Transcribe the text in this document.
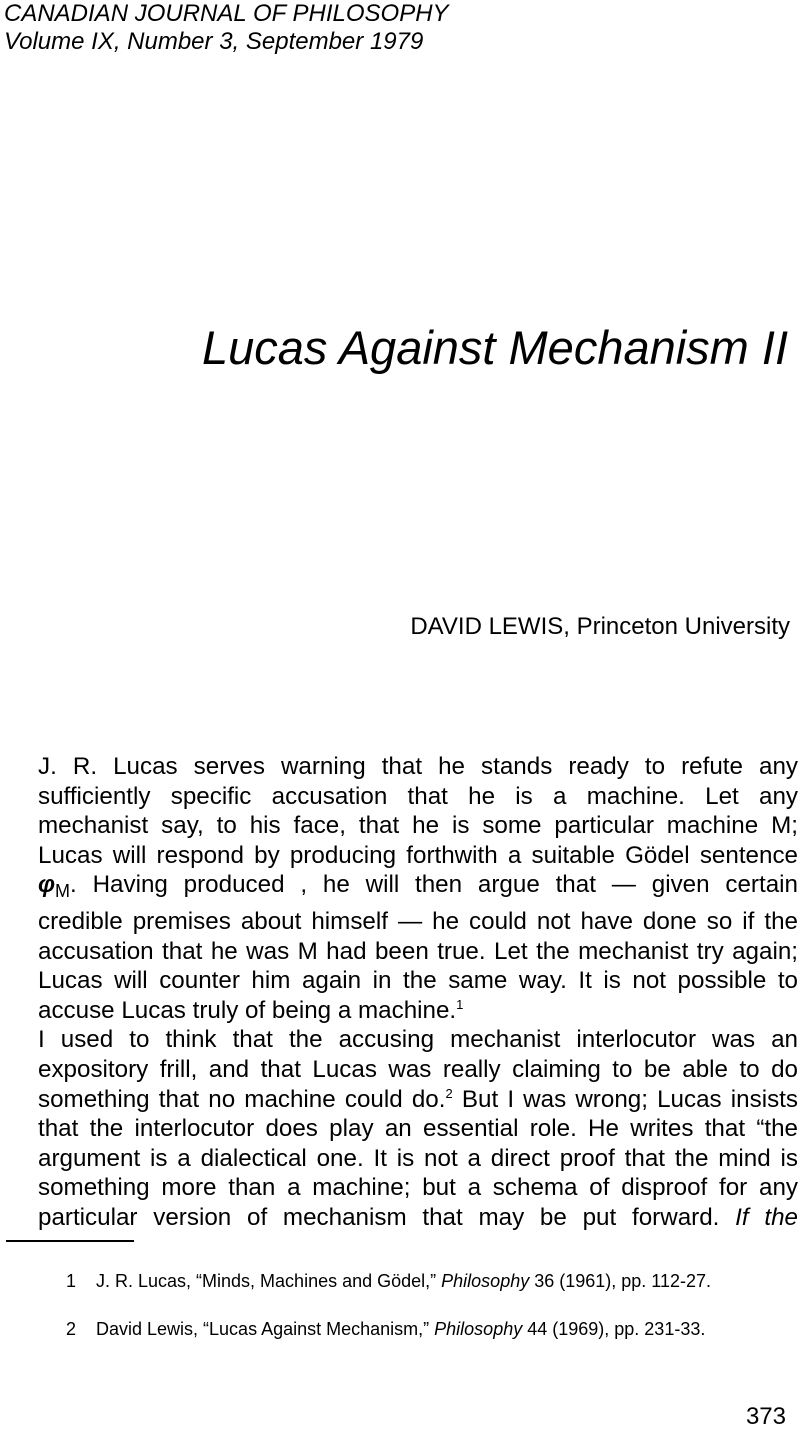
CANADIAN JOURNAL OF PHILOSOPHY
Volume IX, Number 3, September 1979
Lucas Against Mechanism II
DAVID LEWIS, Princeton University

J. R. Lucas serves warning that he stands ready to refute any
sufficiently specific accusation that he is a machine. Let any
mechanist say, to his face, that he is some particular machine M;
Lucas will respond by producing forthwith a suitable Gödel sentence
$\varphi_M$. Having produced , he will then argue that — given certain
credible premises about himself — he could not have done so if the
accusation that he was M had been true. Let the mechanist try again;
Lucas will counter him again in the same way. It is not possible to
accuse Lucas truly of being a machine.$^1$

I used to think that the accusing mechanist interlocutor was an
expository frill, and that Lucas was really claiming to be able to do
something that no machine could do.$^2$ But I was wrong; Lucas insists
that the interlocutor does play an essential role. He writes that “the
argument is a dialectical one. It is not a direct proof that the mind is
something more than a machine; but a schema of disproof for any
particular version of mechanism that may be put forward. If the

1 J. R. Lucas, “Minds, Machines and Gödel,” Philosophy 36 (1961), pp. 112-27.
2 David Lewis, “Lucas Against Mechanism,” Philosophy 44 (1969), pp. 231-33.
373
